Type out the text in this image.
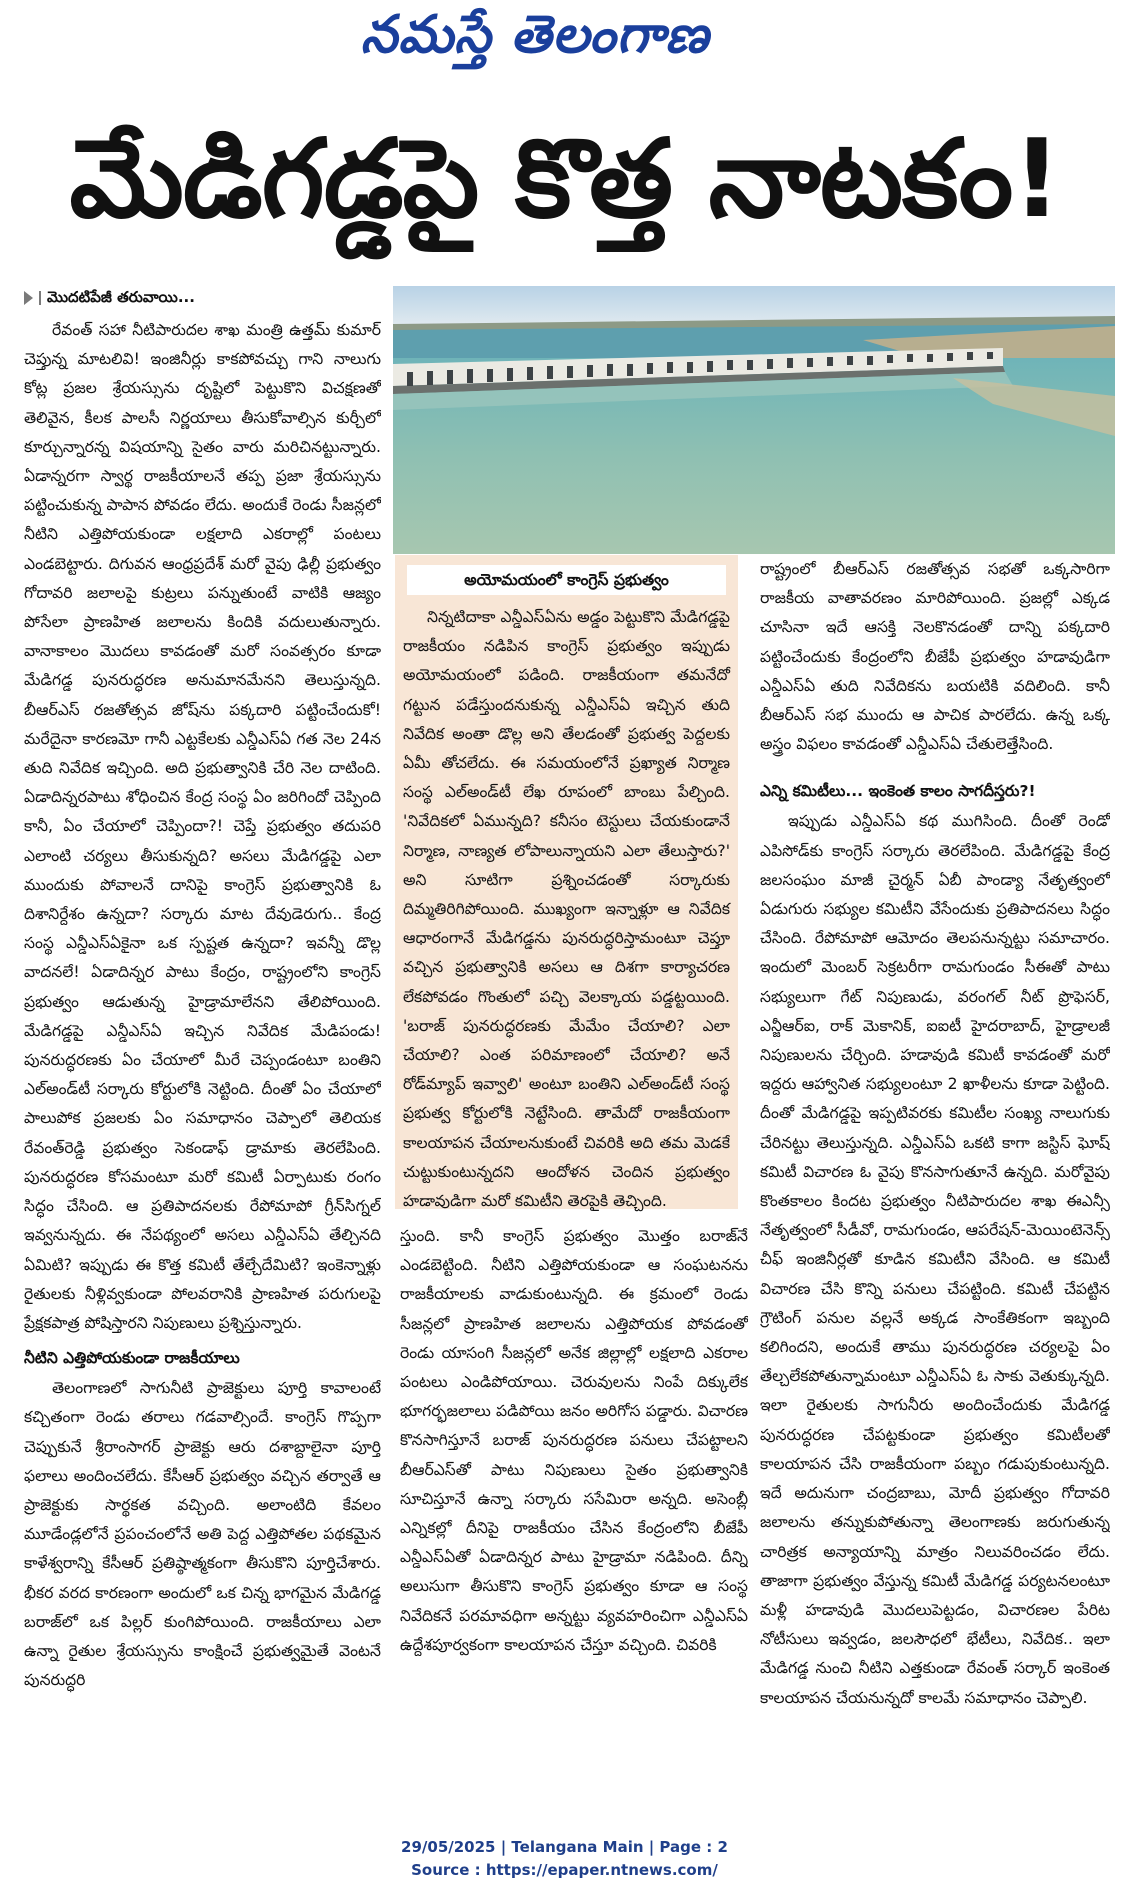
నమస్తే తెలంగాణ
మేడిగడ్డపై కొత్త నాటకం!
మొదటిపేజీ తరువాయి...

రేవంత్ సహా నీటిపారుదల శాఖ మంత్రి ఉత్తమ్ కుమార్ చెప్తున్న మాటలివి! ఇంజినీర్లు కాకపోవచ్చు గాని నాలుగు కోట్ల ప్రజల శ్రేయస్సును దృష్టిలో పెట్టుకొని విచక్షణతో తెలివైన, కీలక పాలసీ నిర్ణయాలు తీసుకోవాల్సిన కుర్చీలో కూర్చున్నారన్న విషయాన్ని సైతం వారు మరిచినట్టున్నారు. ఏడాన్నరగా స్వార్థ రాజకీయాలనే తప్ప ప్రజా శ్రేయస్సును పట్టించుకున్న పాపాన పోవడం లేదు. అందుకే రెండు సీజన్లలో నీటిని ఎత్తిపోయకుండా లక్షలాది ఎకరాల్లో పంటలు ఎండబెట్టారు. దిగువన ఆంధ్రప్రదేశ్ మరో వైపు ఢిల్లీ ప్రభుత్వం గోదావరి జలాలపై కుట్రలు పన్నుతుంటే వాటికి ఆజ్యం పోసేలా ప్రాణహిత జలాలను కిందికి వదులుతున్నారు. వానాకాలం మొదలు కావడంతో మరో సంవత్సరం కూడా మేడిగడ్డ పునరుద్ధరణ అనుమానమేనని తెలుస్తున్నది. బీఆర్ఎస్ రజతోత్సవ జోష్‌ను పక్కదారి పట్టించేందుకో! మరేదైనా కారణమో గానీ ఎట్టకేలకు ఎన్డీఎస్ఏ గత నెల 24న తుది నివేదిక ఇచ్చింది. అది ప్రభుత్వానికి చేరి నెల దాటింది. ఏడాదిన్నరపాటు శోధించిన కేంద్ర సంస్థ ఏం జరిగిందో చెప్పింది కానీ, ఏం చేయాలో చెప్పిందా?! చెప్తే ప్రభుత్వం తదుపరి ఎలాంటి చర్యలు తీసుకున్నది? అసలు మేడిగడ్డపై ఎలా ముందుకు పోవాలనే దానిపై కాంగ్రెస్ ప్రభుత్వానికి ఓ దిశానిర్దేశం ఉన్నదా? సర్కారు మాట దేవుడెరుగు.. కేంద్ర సంస్థ ఎన్డీఎస్ఏకైనా ఒక స్పష్టత ఉన్నదా? ఇవన్నీ డొల్ల వాదనలే! ఏడాదిన్నర పాటు కేంద్రం, రాష్ట్రంలోని కాంగ్రెస్ ప్రభుత్వం ఆడుతున్న హైడ్రామాలేనని తేలిపోయింది. మేడిగడ్డపై ఎన్డీఎస్ఏ ఇచ్చిన నివేదిక మేడిపండు! పునరుద్ధరణకు ఏం చేయాలో మీరే చెప్పండంటూ బంతిని ఎల్అండ్‌టీ సర్కారు కోర్టులోకి నెట్టింది. దీంతో ఏం చేయాలో పాలుపోక ప్రజలకు ఏం సమాధానం చెప్పాలో తెలియక రేవంత్‌రెడ్డి ప్రభుత్వం సెకండాఫ్ డ్రామాకు తెరలేపింది. పునరుద్ధరణ కోసమంటూ మరో కమిటీ ఏర్పాటుకు రంగం సిద్ధం చేసింది. ఆ ప్రతిపాదనలకు రేపోమాపో గ్రీన్‌సిగ్నల్ ఇవ్వనున్నదు. ఈ నేపథ్యంలో అసలు ఎన్డీఎస్ఏ తేల్చినది ఏమిటి? ఇప్పుడు ఈ కొత్త కమిటీ తేల్చేదేమిటి? ఇంకెన్నాళ్లు రైతులకు నీళ్లివ్వకుండా పోలవరానికి ప్రాణహిత పరుగులపై ప్రేక్షకపాత్ర పోషిస్తారని నిపుణులు ప్రశ్నిస్తున్నారు.

నీటిని ఎత్తిపోయకుండా రాజకీయాలు

తెలంగాణలో సాగునీటి ప్రాజెక్టులు పూర్తి కావాలంటే కచ్చితంగా రెండు తరాలు గడవాల్సిందే. కాంగ్రెస్ గొప్పగా చెప్పుకునే శ్రీరాంసాగర్ ప్రాజెక్టు ఆరు దశాబ్దాలైనా పూర్తి ఫలాలు అందించలేదు. కేసీఆర్ ప్రభుత్వం వచ్చిన తర్వాతే ఆ ప్రాజెక్టుకు సార్థకత వచ్చింది. అలాంటిది కేవలం మూడేండ్లలోనే ప్రపంచంలోనే అతి పెద్ద ఎత్తిపోతల పథకమైన కాళేశ్వరాన్ని కేసీఆర్ ప్రతిష్ఠాత్మకంగా తీసుకొని పూర్తిచేశారు. భీకర వరద కారణంగా అందులో ఒక చిన్న భాగమైన మేడిగడ్డ బరాజ్‌లో ఒక పిల్లర్ కుంగిపోయింది. రాజకీయాలు ఎలా ఉన్నా రైతుల శ్రేయస్సును కాంక్షించే ప్రభుత్వమైతే వెంటనే పునరుద్ధరి

అయోమయంలో కాంగ్రెస్ ప్రభుత్వం

నిన్నటిదాకా ఎన్డీఎస్ఏను అడ్డం పెట్టుకొని మేడిగడ్డపై రాజకీయం నడిపిన కాంగ్రెస్ ప్రభుత్వం ఇప్పుడు అయోమయంలో పడింది. రాజకీయంగా తమనేదో గట్టున పడేస్తుందనుకున్న ఎన్డీఎస్ఏ ఇచ్చిన తుది నివేదిక అంతా డొల్ల అని తేలడంతో ప్రభుత్వ పెద్దలకు ఏమీ తోచలేదు. ఈ సమయంలోనే ప్రఖ్యాత నిర్మాణ సంస్థ ఎల్అండ్‌టీ లేఖ రూపంలో బాంబు పేల్చింది. 'నివేదికలో ఏమున్నది? కనీసం టెస్టులు చేయకుండానే నిర్మాణ, నాణ్యత లోపాలున్నాయని ఎలా తేలుస్తారు?' అని సూటిగా ప్రశ్నించడంతో సర్కారుకు దిమ్మతిరిగిపోయింది. ముఖ్యంగా ఇన్నాళ్లూ ఆ నివేదిక ఆధారంగానే మేడిగడ్డను పునరుద్ధరిస్తామంటూ చెప్తూ వచ్చిన ప్రభుత్వానికి అసలు ఆ దిశగా కార్యాచరణ లేకపోవడం గొంతులో పచ్చి వెలక్కాయ పడ్డట్టయింది. 'బరాజ్ పునరుద్ధరణకు మేమేం చేయాలి? ఎలా చేయాలి? ఎంత పరిమాణంలో చేయాలి? అనే రోడ్‌మ్యాప్ ఇవ్వాలి' అంటూ బంతిని ఎల్అండ్‌టీ సంస్థ ప్రభుత్వ కోర్టులోకి నెట్టేసింది. తామేదో రాజకీయంగా కాలయాపన చేయాలనుకుంటే చివరికి అది తమ మెడకే చుట్టుకుంటున్నదని ఆందోళన చెందిన ప్రభుత్వం హడావుడిగా మరో కమిటీని తెరపైకి తెచ్చింది.

స్తుంది. కానీ కాంగ్రెస్ ప్రభుత్వం మొత్తం బరాజ్‌నే ఎండబెట్టింది. నీటిని ఎత్తిపోయకుండా ఆ సంఘటనను రాజకీయాలకు వాడుకుంటున్నది. ఈ క్రమంలో రెండు సీజన్లలో ప్రాణహిత జలాలను ఎత్తిపోయక పోవడంతో రెండు యాసంగి సీజన్లలో అనేక జిల్లాల్లో లక్షలాది ఎకరాల పంటలు ఎండిపోయాయి. చెరువులను నింపే దిక్కులేక భూగర్భజలాలు పడిపోయి జనం అరిగోస పడ్డారు. విచారణ కొనసాగిస్తూనే బరాజ్ పునరుద్ధరణ పనులు చేపట్టాలని బీఆర్ఎస్‌తో పాటు నిపుణులు సైతం ప్రభుత్వానికి సూచిస్తూనే ఉన్నా సర్కారు ససేమిరా అన్నది. అసెంబ్లీ ఎన్నికల్లో దీనిపై రాజకీయం చేసిన కేంద్రంలోని బీజేపీ ఎన్డీఎస్ఏతో ఏడాదిన్నర పాటు హైడ్రామా నడిపింది. దీన్ని అలుసుగా తీసుకొని కాంగ్రెస్ ప్రభుత్వం కూడా ఆ సంస్థ నివేదికనే పరమావధిగా అన్నట్టు వ్యవహరించిగా ఎన్డీఎస్ఏ ఉద్దేశపూర్వకంగా కాలయాపన చేస్తూ వచ్చింది. చివరికి

రాష్ట్రంలో బీఆర్ఎస్ రజతోత్సవ సభతో ఒక్కసారిగా రాజకీయ వాతావరణం మారిపోయింది. ప్రజల్లో ఎక్కడ చూసినా ఇదే ఆసక్తి నెలకొనడంతో దాన్ని పక్కదారి పట్టించేందుకు కేంద్రంలోని బీజేపీ ప్రభుత్వం హడావుడిగా ఎన్డీఎస్ఏ తుది నివేదికను బయటికి వదిలింది. కానీ బీఆర్ఎస్ సభ ముందు ఆ పాచిక పారలేదు. ఉన్న ఒక్క అస్త్రం విఫలం కావడంతో ఎన్డీఎస్ఏ చేతులెత్తేసింది.

ఎన్ని కమిటీలు... ఇంకెంత కాలం సాగదీస్తరు?!

ఇప్పుడు ఎన్డీఎస్ఏ కథ ముగిసింది. దీంతో రెండో ఎపిసోడ్‌కు కాంగ్రెస్ సర్కారు తెరలేపింది. మేడిగడ్డపై కేంద్ర జలసంఘం మాజీ చైర్మన్ ఏబీ పాండ్యా నేతృత్వంలో ఏడుగురు సభ్యుల కమిటీని వేసేందుకు ప్రతిపాదనలు సిద్ధం చేసింది. రేపోమాపో ఆమోదం తెలపనున్నట్టు సమాచారం. ఇందులో మెంబర్ సెక్రటరీగా రామగుండం సీఈతో పాటు సభ్యులుగా గేట్ నిపుణుడు, వరంగల్ నీట్ ప్రొఫెసర్, ఎన్జీఆర్ఐ, రాక్ మెకానిక్, ఐఐటీ హైదరాబాద్, హైడ్రాలజీ నిపుణులను చేర్చింది. హడావుడి కమిటీ కావడంతో మరో ఇద్దరు ఆహ్వానిత సభ్యులంటూ 2 ఖాళీలను కూడా పెట్టింది. దీంతో మేడిగడ్డపై ఇప్పటివరకు కమిటీల సంఖ్య నాలుగుకు చేరినట్టు తెలుస్తున్నది. ఎన్డీఎస్ఏ ఒకటి కాగా జస్టిస్ ఘోష్ కమిటీ విచారణ ఓ వైపు కొనసాగుతూనే ఉన్నది. మరోవైపు కొంతకాలం కిందట ప్రభుత్వం నీటిపారుదల శాఖ ఈఎన్సీ నేతృత్వంలో సీడీవో, రామగుండం, ఆపరేషన్-మెయింటెనెన్స్ చీఫ్ ఇంజినీర్లతో కూడిన కమిటీని వేసింది. ఆ కమిటీ విచారణ చేసి కొన్ని పనులు చేపట్టింది. కమిటీ చేపట్టిన గ్రౌటింగ్ పనుల వల్లనే అక్కడ సాంకేతికంగా ఇబ్బంది కలిగిందని, అందుకే తాము పునరుద్ధరణ చర్యలపై ఏం తేల్చలేకపోతున్నామంటూ ఎన్డీఎస్ఏ ఓ సాకు వెతుక్కున్నది. ఇలా రైతులకు సాగునీరు అందించేందుకు మేడిగడ్డ పునరుద్ధరణ చేపట్టకుండా ప్రభుత్వం కమిటీలతో కాలయాపన చేసి రాజకీయంగా పబ్బం గడుపుకుంటున్నది. ఇదే అదునుగా చంద్రబాబు, మోదీ ప్రభుత్వం గోదావరి జలాలను తన్నుకుపోతున్నా తెలంగాణకు జరుగుతున్న చారిత్రక అన్యాయాన్ని మాత్రం నిలువరించడం లేదు. తాజాగా ప్రభుత్వం వేస్తున్న కమిటీ మేడిగడ్డ పర్యటనలంటూ మళ్లీ హడావుడి మొదలుపెట్టడం, విచారణల పేరిట నోటీసులు ఇవ్వడం, జలసౌధలో భేటీలు, నివేదిక.. ఇలా మేడిగడ్డ నుంచి నీటిని ఎత్తకుండా రేవంత్ సర్కార్ ఇంకెంత కాలయాపన చేయనున్నదో కాలమే సమాధానం చెప్పాలి.

29/05/2025 | Telangana Main | Page : 2
Source : https://epaper.ntnews.com/
